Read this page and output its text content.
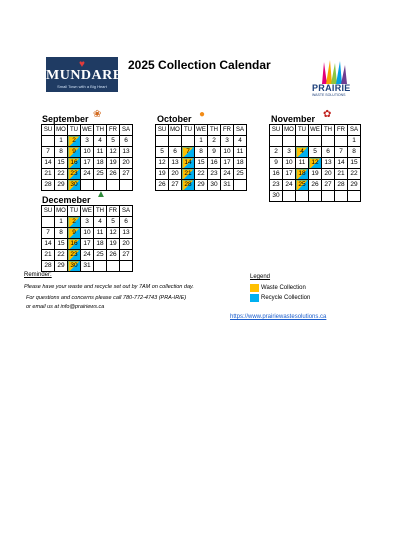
♥
MUNDARE
Small Town with a Big Heart
2025 Collection Calendar
PRAIRIE
WASTE SOLUTIONS
September ❀	October ●	November ✿
Decemeber ▲
SU	MO	TU	WE	TH	FR	SA
	1	2	3	4	5	6
7	8	9	10	11	12	13
14	15	16	17	18	19	20
21	22	23	24	25	26	27
28	29	30				
SU	MO	TU	WE	TH	FR	SA
			1	2	3	4
5	6	7	8	9	10	11
12	13	14	15	16	17	18
19	20	21	22	23	24	25
26	27	28	29	30	31	
SU	MO	TU	WE	TH	FR	SA
						1
2	3	4	5	6	7	8
9	10	11	12	13	14	15
16	17	18	19	20	21	22
23	24	25	26	27	28	29
30						
SU	MO	TU	WE	TH	FR	SA
	1	2	3	4	5	6
7	8	9	10	11	12	13
14	15	16	17	18	19	20
21	22	23	24	25	26	27
28	29	30	31			
Reminder:
Please have your waste and recycle set out by 7AM on collection day.
For questions and concerns please call 780-772-4743 (PRA-IRIE)
or email us at info@prairiews.ca
Legend
Waste Collection
Recycle Collection
https://www.prairiewastesolutions.ca
